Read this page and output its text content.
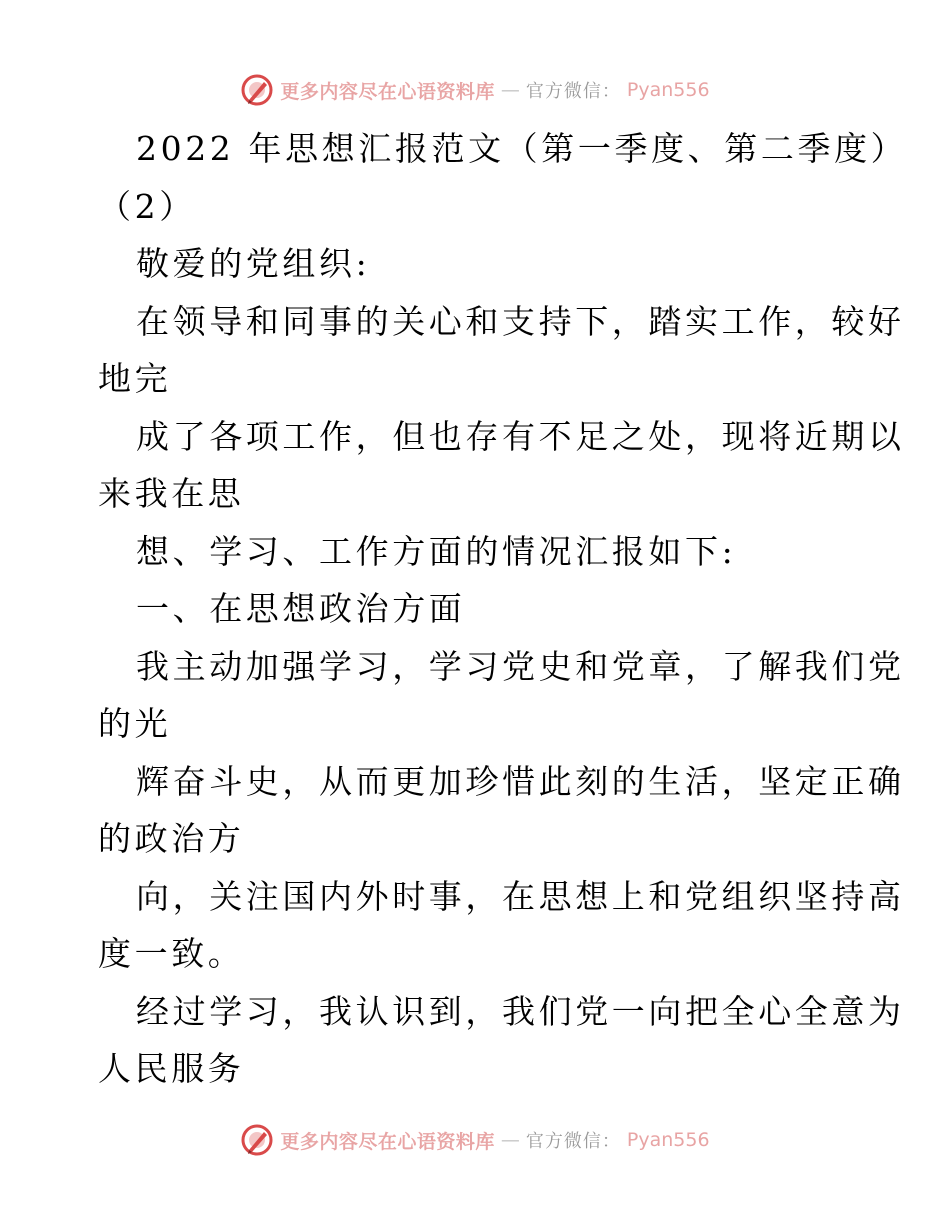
更多内容尽在心语资料库 — 官方微信： Pyan556
2022 年思想汇报范文（第一季度、第二季度）
（2）
敬爱的党组织:
在领导和同事的关心和支持下，踏实工作，较好
地完
成了各项工作，但也存有不足之处，现将近期以
来我在思
想、学习、工作方面的情况汇报如下:
一、在思想政治方面
我主动加强学习，学习党史和党章，了解我们党
的光
辉奋斗史，从而更加珍惜此刻的生活，坚定正确
的政治方
向，关注国内外时事，在思想上和党组织坚持高
度一致。
经过学习，我认识到，我们党一向把全心全意为
人民服务
更多内容尽在心语资料库 — 官方微信： Pyan556
